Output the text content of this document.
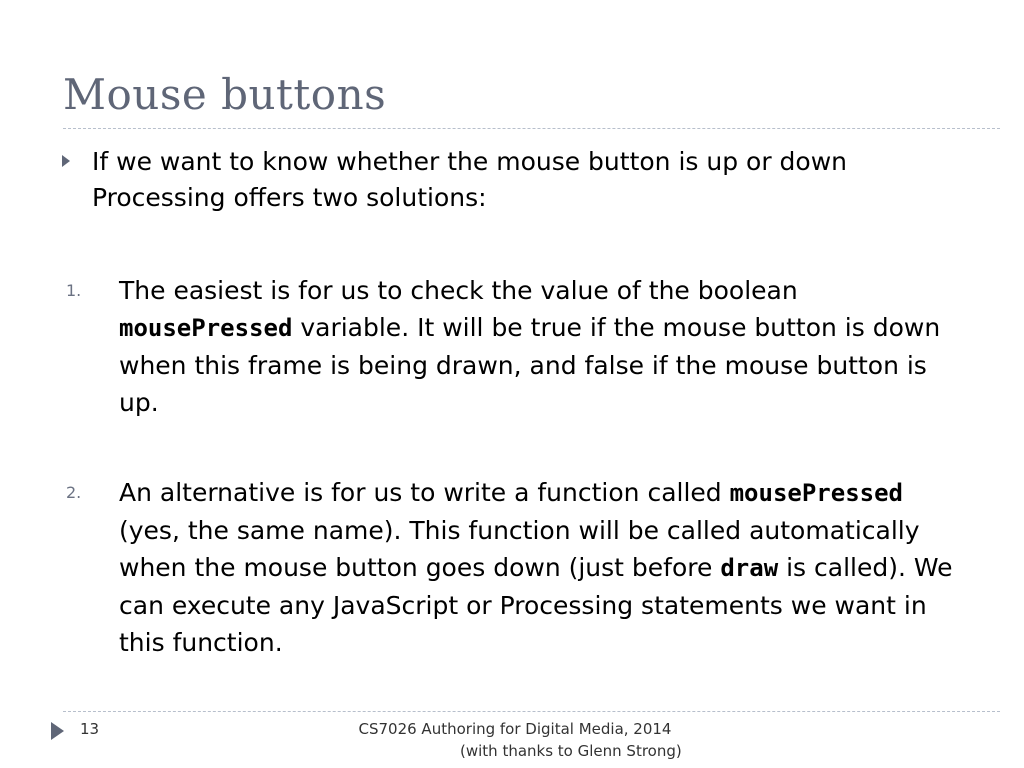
Mouse buttons
If we want to know whether the mouse button is up or down Processing offers two solutions:
1. The easiest is for us to check the value of the boolean mousePressed variable. It will be true if the mouse button is down when this frame is being drawn, and false if the mouse button is up.
2. An alternative is for us to write a function called mousePressed (yes, the same name). This function will be called automatically when the mouse button goes down (just before draw is called). We can execute any JavaScript or Processing statements we want in this function.
13	CS7026 Authoring for Digital Media, 2014
(with thanks to Glenn Strong)
